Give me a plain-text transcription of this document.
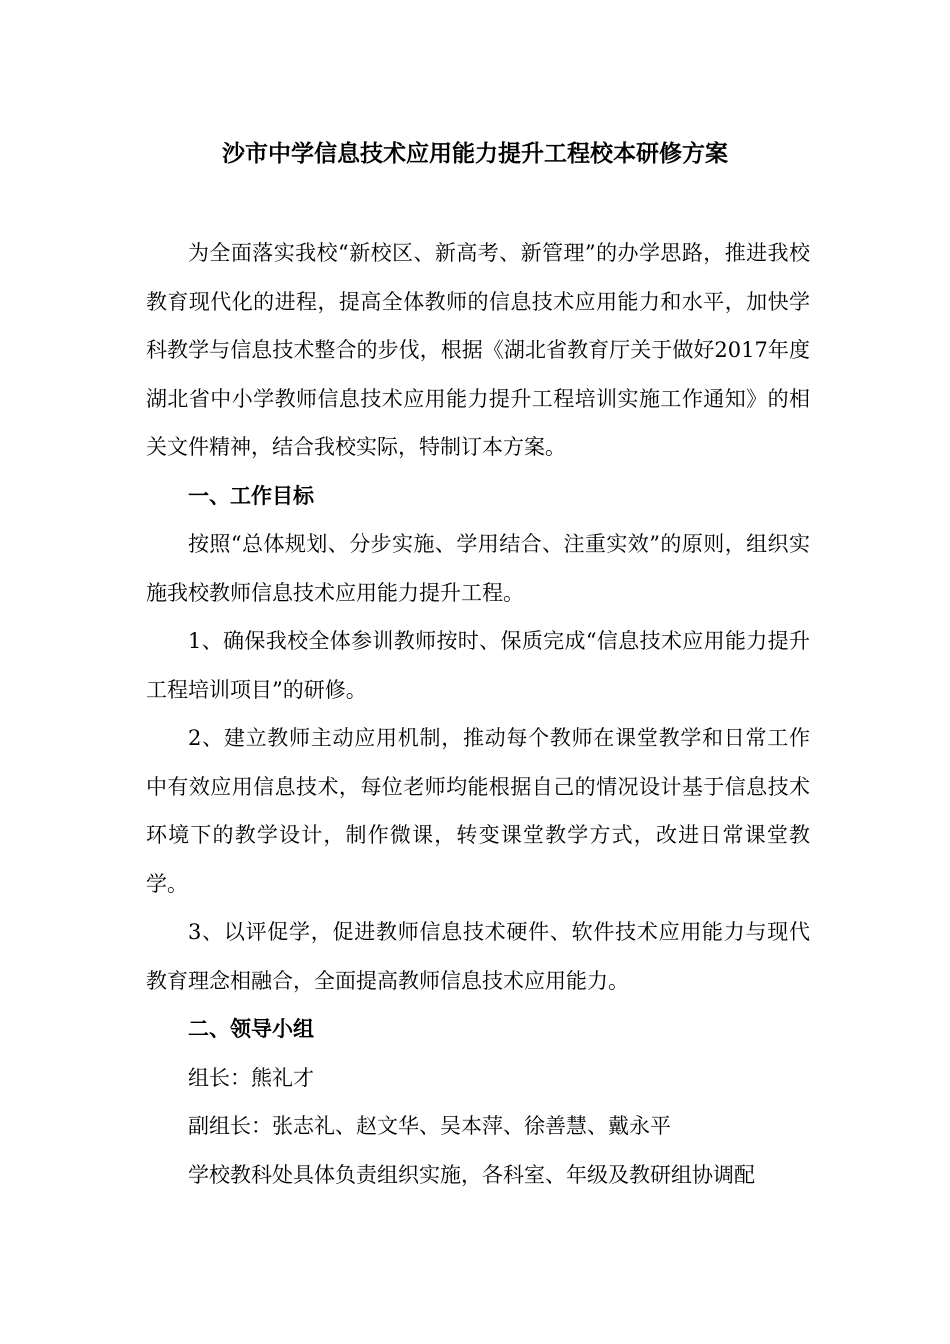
沙市中学信息技术应用能力提升工程校本研修方案

为全面落实我校“新校区、新高考、新管理”的办学思路，推进我校教育现代化的进程，提高全体教师的信息技术应用能力和水平，加快学科教学与信息技术整合的步伐，根据《湖北省教育厅关于做好2017年度湖北省中小学教师信息技术应用能力提升工程培训实施工作通知》的相关文件精神，结合我校实际，特制订本方案。

一、工作目标

按照“总体规划、分步实施、学用结合、注重实效”的原则，组织实施我校教师信息技术应用能力提升工程。

1、确保我校全体参训教师按时、保质完成“信息技术应用能力提升工程培训项目”的研修。

2、建立教师主动应用机制，推动每个教师在课堂教学和日常工作中有效应用信息技术，每位老师均能根据自己的情况设计基于信息技术环境下的教学设计，制作微课，转变课堂教学方式，改进日常课堂教学。

3、以评促学，促进教师信息技术硬件、软件技术应用能力与现代教育理念相融合，全面提高教师信息技术应用能力。

二、领导小组

组长：熊礼才

副组长：张志礼、赵文华、吴本萍、徐善慧、戴永平

学校教科处具体负责组织实施，各科室、年级及教研组协调配
